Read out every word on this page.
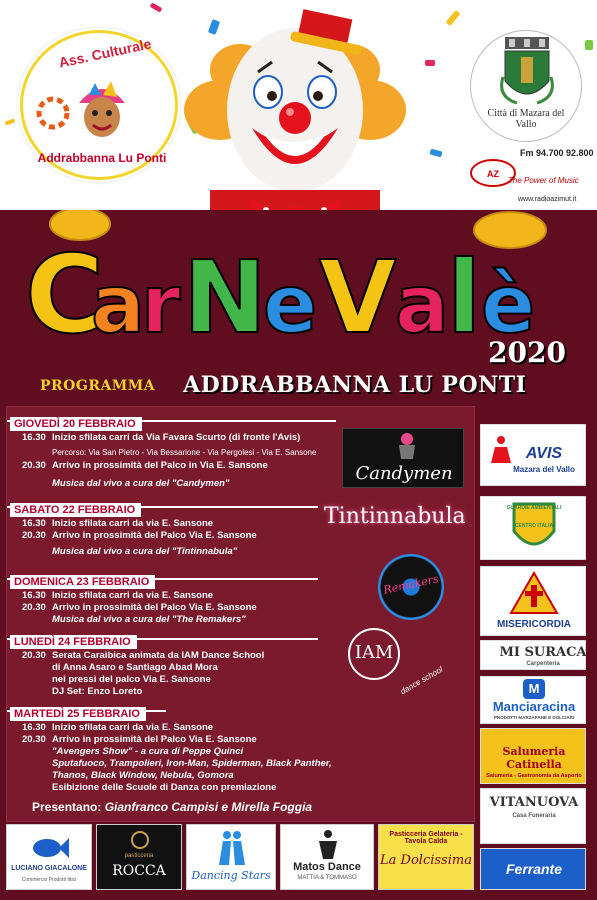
Ass. Culturale
Addrabbanna Lu Ponti
Città di Mazara del Vallo
AZ
Fm 94.700 92.800
The Power of Music
www.radioazimut.it
C
a
r N
e V
a
l è
2020
PROGRAMMA ADDRABBANNA LU PONTI
GIOVEDÌ 20 FEBBRAIO
16.30 Inizio sfilata carri da Via Favara Scurto (di fronte l'Avis)
Percorso: Via San Pietro - Via Bessarione - Via Pergolesi - Via E. Sansone
20.30 Arrivo in prossimità del Palco in Via E. Sansone
Musica dal vivo a cura del "Candymen"	Candymen
SABATO 22 FEBBRAIO
16.30 Inizio sfilata carri da via E. Sansone
20.30 Arrivo in prossimità del Palco Via E. Sansone
Musica dal vivo a cura del "Tintinnabula"
Tintinnabula
DOMENICA 23 FEBBRAIO
16.30 Inizio sfilata carri da via E. Sansone
20.30 Arrivo in prossimità del Palco Via E. Sansone
Musica dal vivo a cura del "The Remakers"
Remakers
LUNEDÌ 24 FEBBRAIO
20.30 Serata Caraibica animata da IAM Dance School
di Anna Asaro e Santiago Abad Mora
nei pressi del palco Via E. Sansone
DJ Set: Enzo Loreto
IAM
dance school
MARTEDÌ 25 FEBBRAIO
16.30 Inizio sfilata carri da via E. Sansone
20.30 Arrivo in prossimità del Palco Via E. Sansone
"Avengers Show" - a cura di Peppe Quinci
Sputafuoco, Trampolieri, Iron-Man, Spiderman, Black Panther,
Thanos, Black Window, Nebula, Gomora
Esibizione delle Scuole di Danza con premiazione
Presentano: Gianfranco Campisi e Mirella Foggia
AVIS
Mazara del Vallo
GUARDIE AMBIENTALI
CENTRO ITALIA
MISERICORDIA
MI SURACA
Carpenteria
M
Manciaracina
PRODOTTI MARZAPANE E DOLCIARI
Salumeria Catinella
Salumeria - Gastronomia da Asporto
VITANUOVA
Casa Funeraria
Ferrante
LUCIANO GIACALONE
Commercio Prodotti Ittici
pasticceria
ROCCA	Dancing Stars
Matos Dance
MATTIA & TOMMASO
Pasticceria Gelateria - Tavola Calda
La Dolcissima
